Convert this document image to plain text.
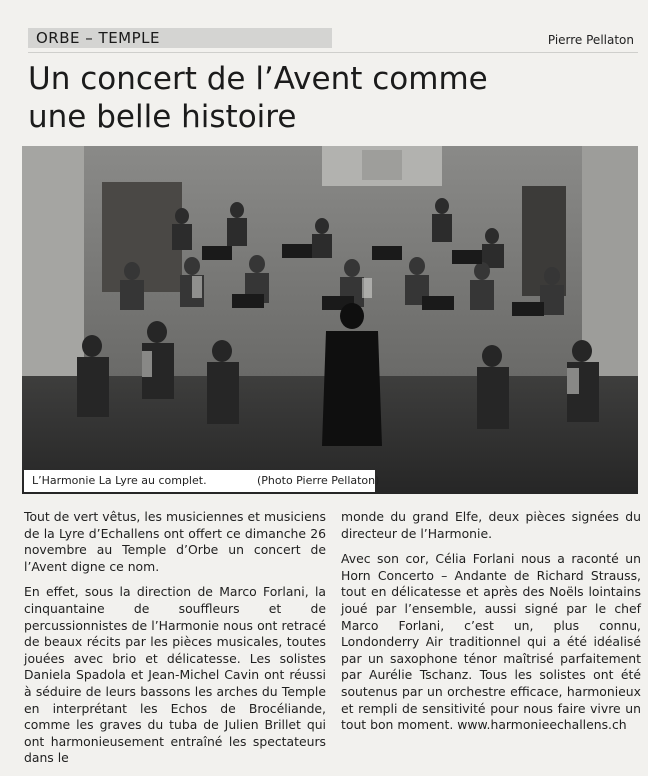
ORBE – TEMPLE	Pierre Pellaton
Un concert de l’Avent comme
une belle histoire
L’Harmonie La Lyre au complet.	(Photo Pierre Pellaton)

Tout de vert vêtus, les musiciennes et musiciens de la Lyre d’Echallens ont offert ce dimanche 26 novembre au Temple d’Orbe un concert de l’Avent digne ce nom.

En effet, sous la direction de Marco Forlani, la cinquantaine de souffleurs et de percussionnistes de l’Harmonie nous ont retracé de beaux récits par les pièces musicales, toutes jouées avec brio et délicatesse. Les solistes Daniela Spadola et Jean-Michel Cavin ont réussi à séduire de leurs bassons les arches du Temple en interprétant les Echos de Brocéliande, comme les graves du tuba de Julien Brillet qui ont harmonieusement entraîné les spectateurs dans le

monde du grand Elfe, deux pièces signées du directeur de l’Harmonie.

Avec son cor, Célia Forlani nous a raconté un Horn Concerto – Andante de Richard Strauss, tout en délicatesse et après des Noëls lointains joué par l’ensemble, aussi signé par le chef Marco Forlani, c’est un, plus connu, Londonderry Air traditionnel qui a été idéalisé par un saxophone ténor maîtrisé parfaitement par Aurélie Tschanz. Tous les solistes ont été soutenus par un orchestre efficace, harmonieux et rempli de sensitivité pour nous faire vivre un tout bon moment. www.harmonieechallens.ch
